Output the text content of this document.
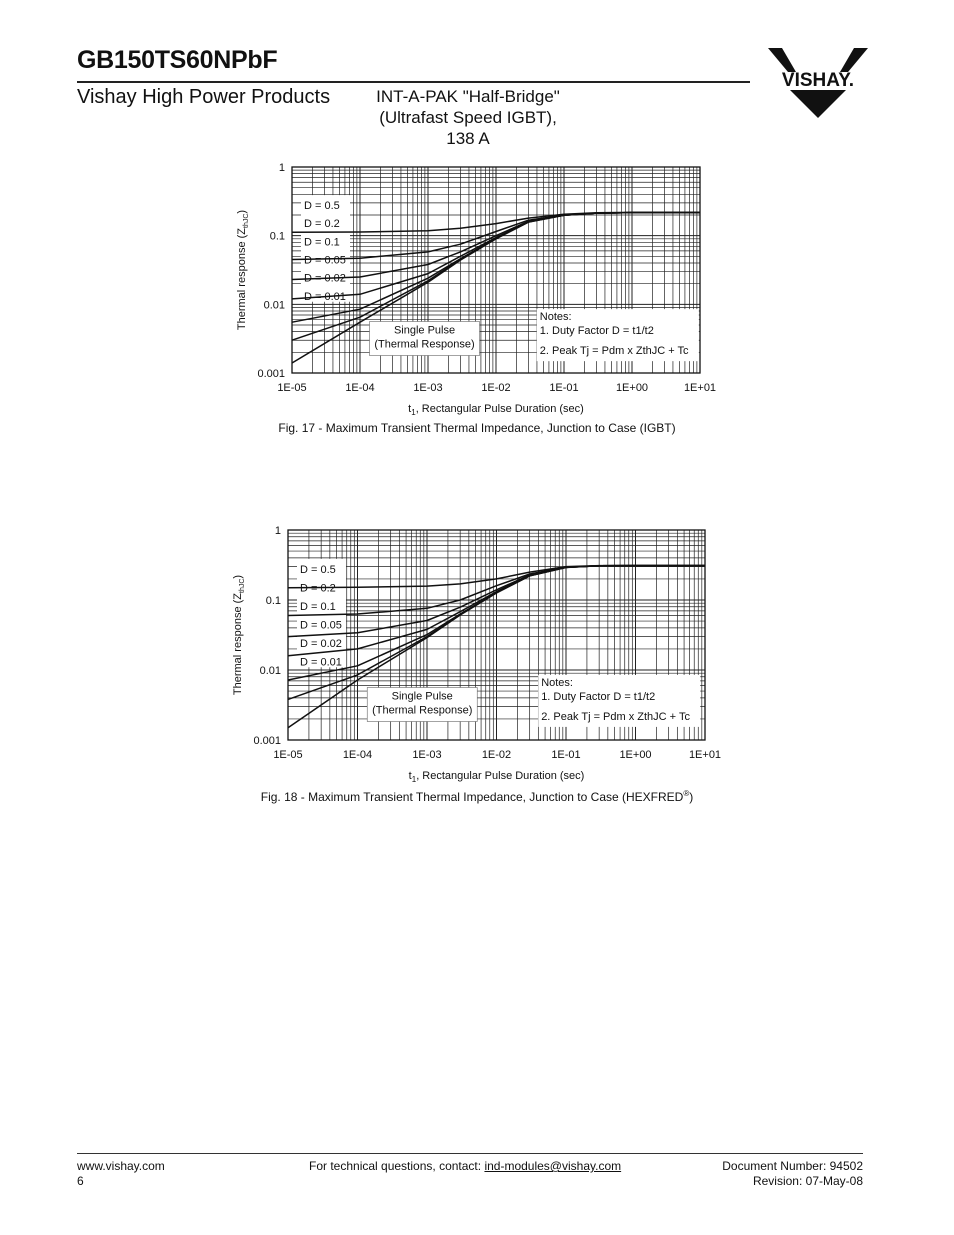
GB150TS60NPbF
Vishay High Power Products	INT-A-PAK "Half-Bridge"
(Ultrafast Speed IGBT),
138 A
VISHAY.
D = 0.5
D = 0.2
D = 0.1
D = 0.05
D = 0.02
D = 0.01
Single Pulse
(Thermal Response)
Notes:
1. Duty Factor D = t1/t2
2. Peak Tj = Pdm x ZthJC + Tc
1E-05	1E-04	1E-03	1E-02	1E-01	1E+00	1E+01
0.001
0.01
0.1
1
$t_1$, Rectangular Pulse Duration (sec)
Thermal response $(Z_{thJC})$
D = 0.5
D = 0.2
D = 0.1
D = 0.05
D = 0.02
D = 0.01
Single Pulse
(Thermal Response)
Notes:
1. Duty Factor D = t1/t2
2. Peak Tj = Pdm x ZthJC + Tc
1E-05	1E-04	1E-03	1E-02	1E-01	1E+00	1E+01
0.001
0.01
0.1
1
$t_1$, Rectangular Pulse Duration (sec)
Thermal response $(Z_{thJC})$
Fig. 17 - Maximum Transient Thermal Impedance, Junction to Case (IGBT)
Fig. 18 - Maximum Transient Thermal Impedance, Junction to Case (HEXFRED®)
www.vishay.com
6
For technical questions, contact: ind-modules@vishay.com	Document Number: 94502
Revision: 07-May-08
